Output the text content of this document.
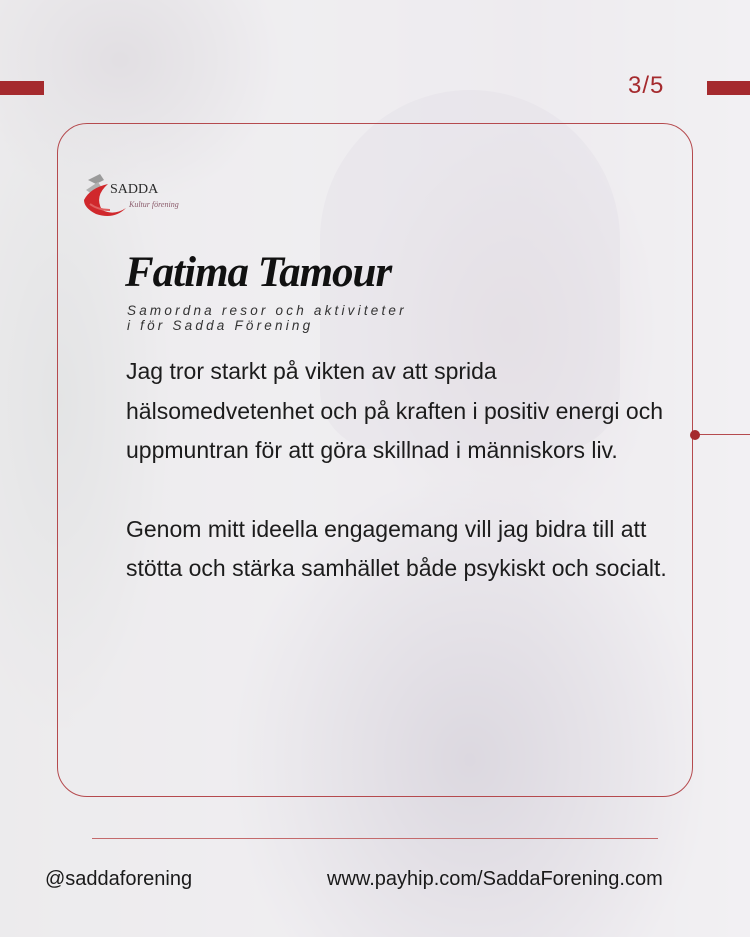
3/5
SADDA
Kultur förening
Fatima Tamour
Samordna resor och aktiviteter
i för Sadda Förening

Jag tror starkt på vikten av att sprida hälsomedvetenhet och på kraften i positiv energi och uppmuntran för att göra skillnad i människors liv.

Genom mitt ideella engagemang vill jag bidra till att stötta och stärka samhället både psykiskt och socialt.

@saddaforening	www.payhip.com/SaddaForening.com
